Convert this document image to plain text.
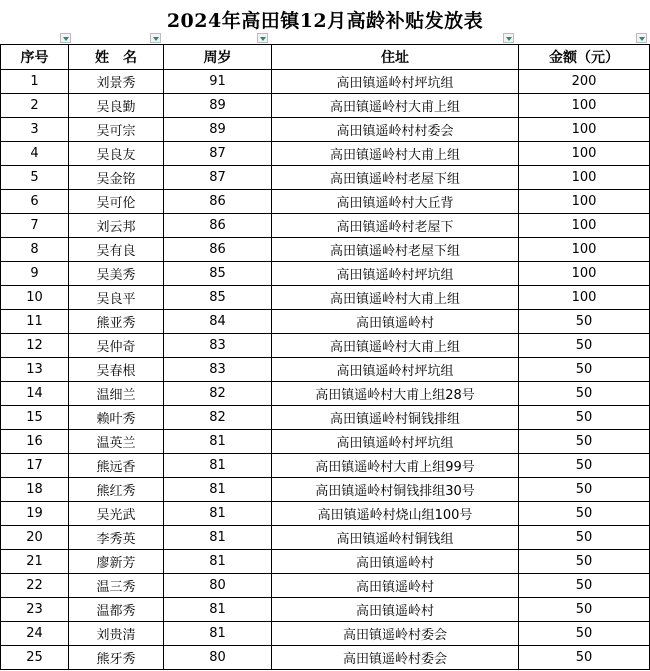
2024年高田镇12月高龄补贴发放表
序号	姓　名	周岁	住址	金额（元）
1	刘景秀	91	高田镇遥岭村坪坑组	200
2	吴良勤	89	高田镇遥岭村大甫上组	100
3	吴可宗	89	高田镇遥岭村村委会	100
4	吴良友	87	高田镇遥岭村大甫上组	100
5	吴金铭	87	高田镇遥岭村老屋下组	100
6	吴可伦	86	高田镇遥岭村大丘背	100
7	刘云邦	86	高田镇遥岭村老屋下	100
8	吴有良	86	高田镇遥岭村老屋下组	100
9	吴美秀	85	高田镇遥岭村坪坑组	100
10	吴良平	85	高田镇遥岭村大甫上组	100
11	熊亚秀	84	高田镇遥岭村	50
12	吴仲奇	83	高田镇遥岭村大甫上组	50
13	吴春根	83	高田镇遥岭村坪坑组	50
14	温细兰	82	高田镇遥岭村大甫上组28号	50
15	赖叶秀	82	高田镇遥岭村铜钱排组	50
16	温英兰	81	高田镇遥岭村坪坑组	50
17	熊远香	81	高田镇遥岭村大甫上组99号	50
18	熊红秀	81	高田镇遥岭村铜钱排组30号	50
19	吴光武	81	高田镇遥岭村烧山组100号	50
20	李秀英	81	高田镇遥岭村铜钱组	50
21	廖新芳	81	高田镇遥岭村	50
22	温三秀	80	高田镇遥岭村	50
23	温都秀	81	高田镇遥岭村	50
24	刘贵清	81	高田镇遥岭村委会	50
25	熊牙秀	80	高田镇遥岭村委会	50
